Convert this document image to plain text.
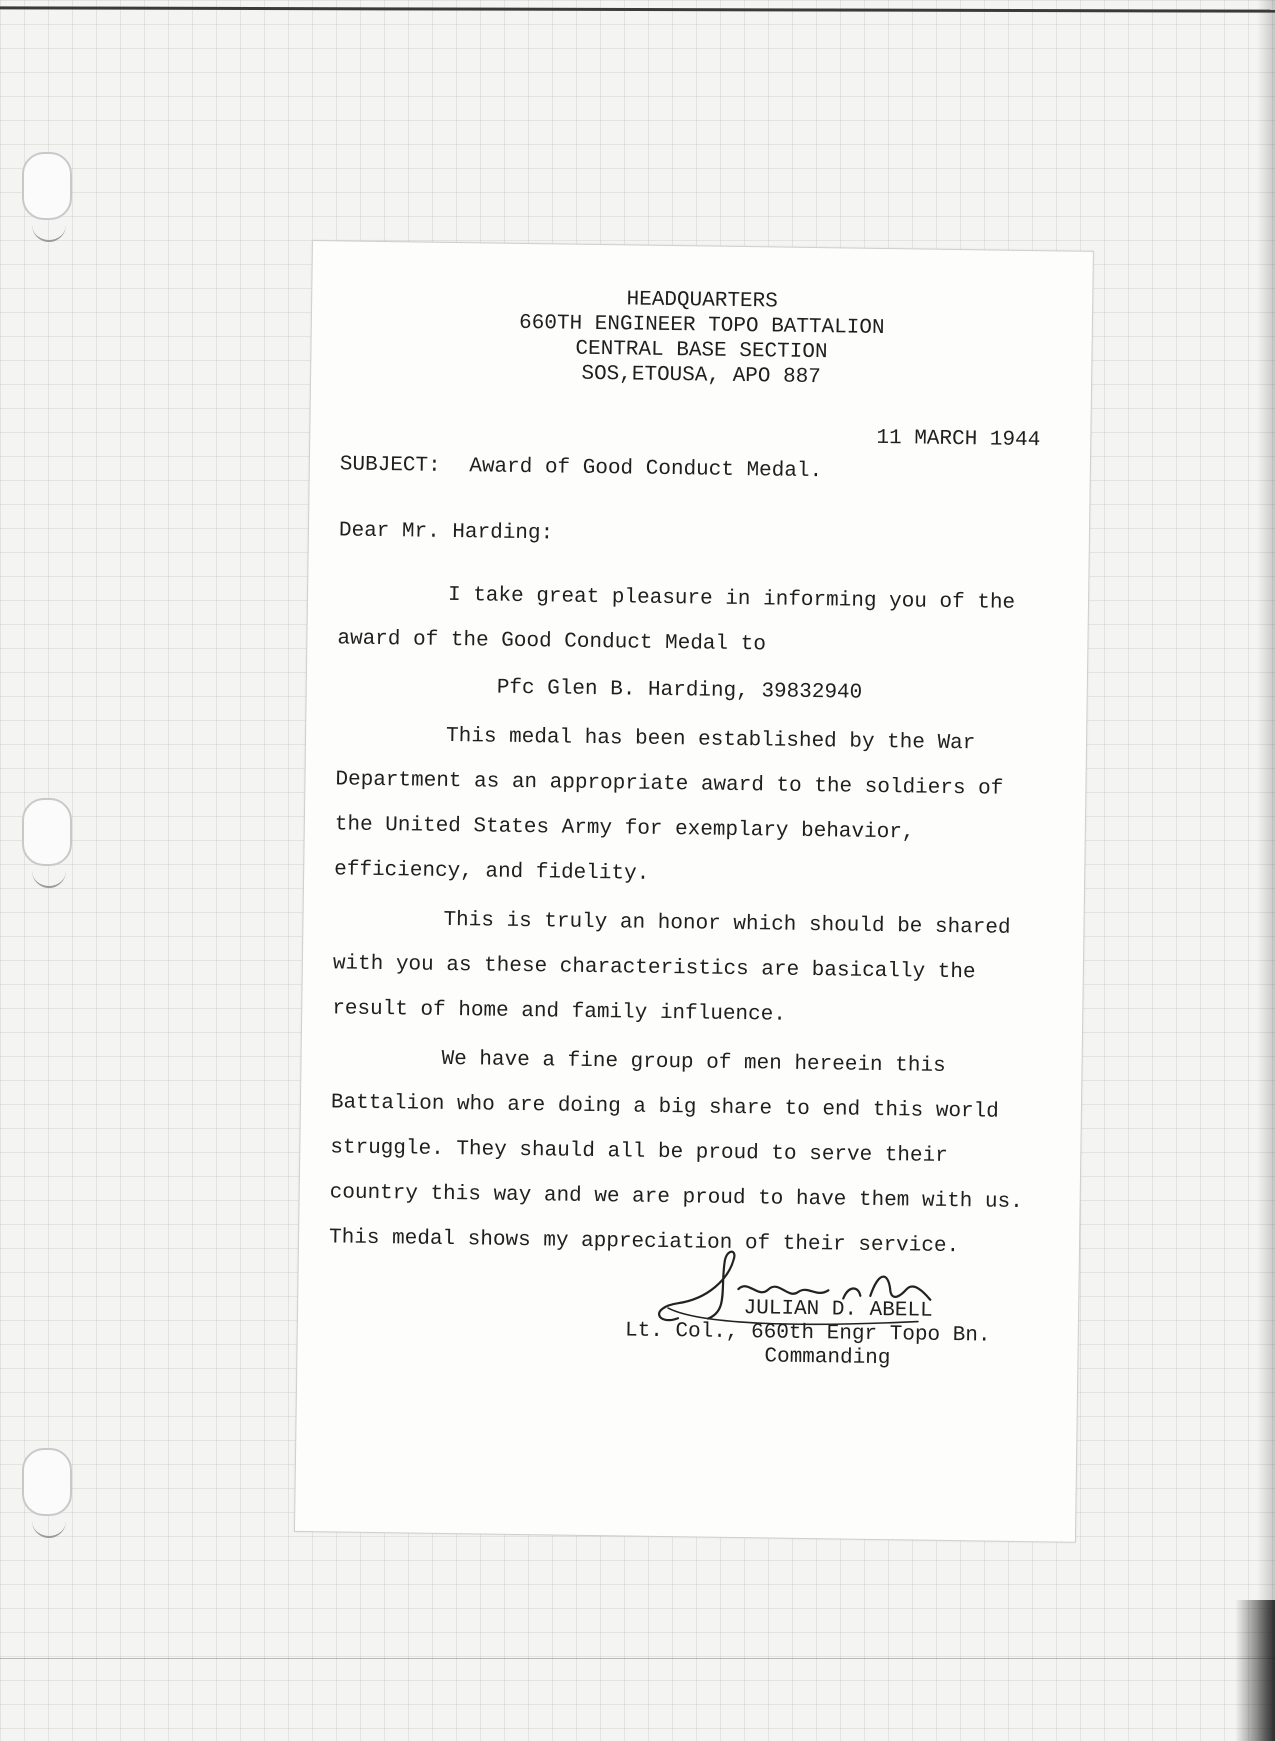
HEADQUARTERS
660TH ENGINEER TOPO BATTALION
CENTRAL BASE SECTION
SOS,ETOUSA, APO 887
11 MARCH 1944
SUBJECT: Award of Good Conduct Medal.
Dear Mr. Harding:

I take great pleasure in informing you of the award of the Good Conduct Medal to

Pfc Glen B. Harding, 39832940

This medal has been established by the War Department as an appropriate award to the soldiers of the United States Army for exemplary behavior, efficiency, and fidelity.

This is truly an honor which should be shared with you as these characteristics are basically the result of home and family influence.

We have a fine group of men hereein this Battalion who are doing a big share to end this world struggle. They shauld all be proud to serve their country this way and we are proud to have them with us. This medal shows my appreciation of their service.

JULIAN D. ABELL
Lt. Col., 660th Engr Topo Bn.
Commanding
